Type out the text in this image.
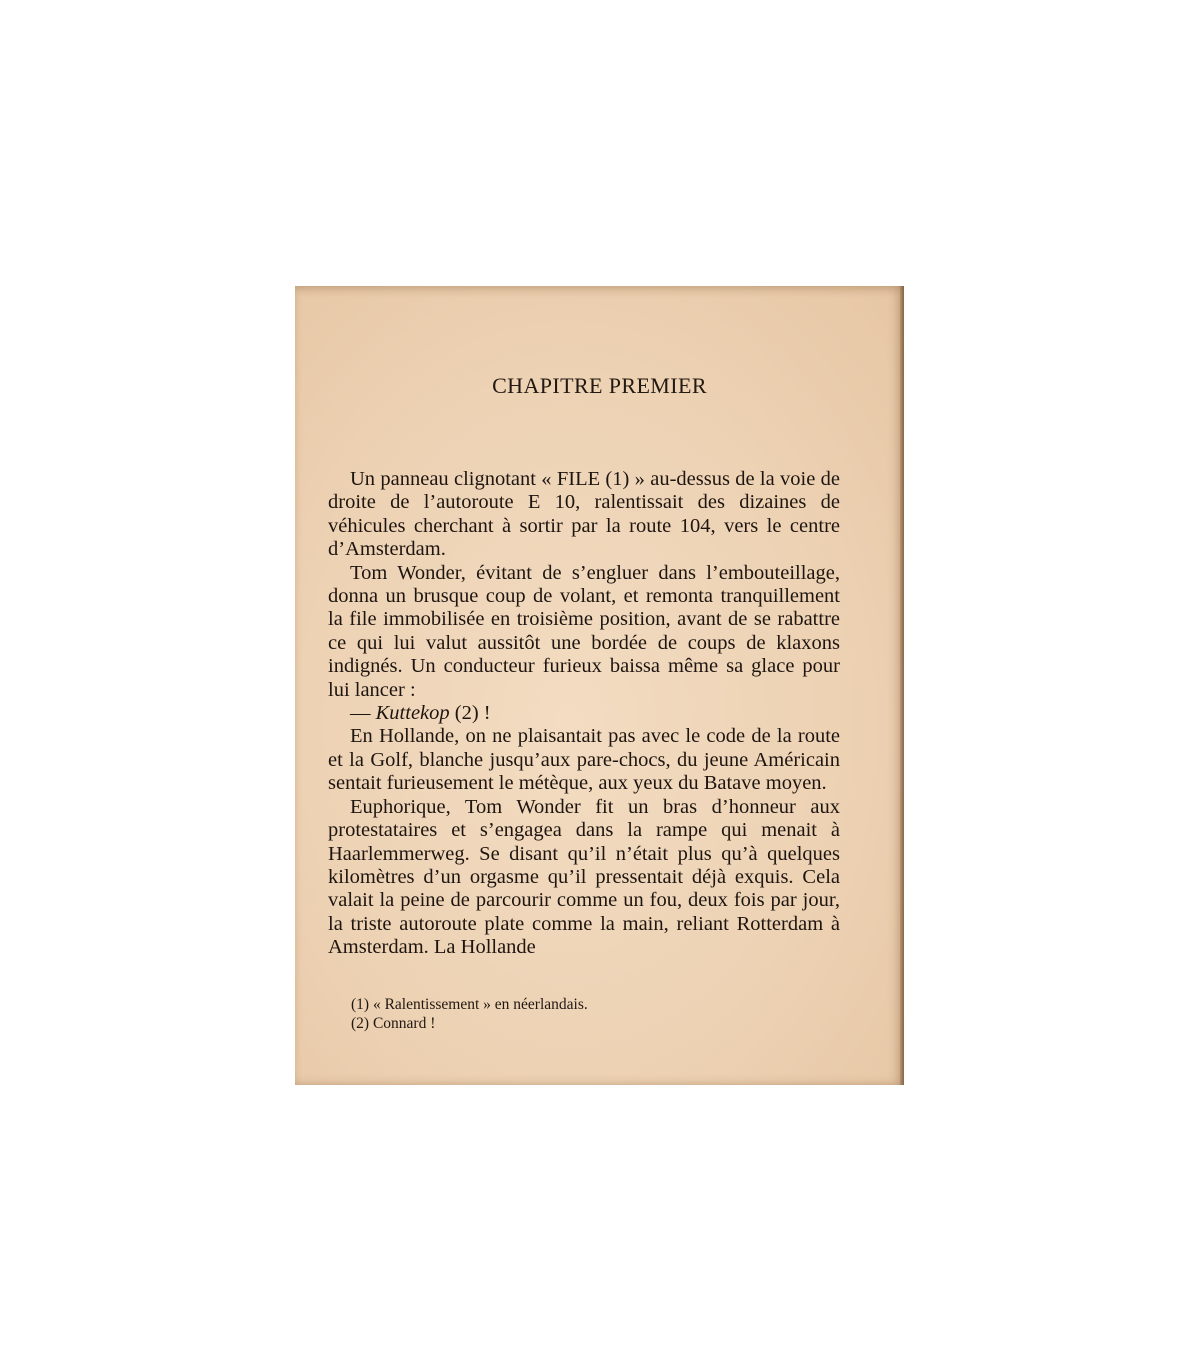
CHAPITRE PREMIER

Un panneau clignotant « FILE (1) » au-dessus de la voie de droite de l’autoroute E 10, ralentissait des dizaines de véhicules cherchant à sortir par la route 104, vers le centre d’Amsterdam.

Tom Wonder, évitant de s’engluer dans l’embouteillage, donna un brusque coup de volant, et remonta tranquillement la file immobilisée en troisième position, avant de se rabattre ce qui lui valut aussitôt une bordée de coups de klaxons indignés. Un conducteur furieux baissa même sa glace pour lui lancer :

— Kuttekop (2) !

En Hollande, on ne plaisantait pas avec le code de la route et la Golf, blanche jusqu’aux pare-chocs, du jeune Américain sentait furieusement le métèque, aux yeux du Batave moyen.

Euphorique, Tom Wonder fit un bras d’honneur aux protestataires et s’engagea dans la rampe qui menait à Haarlemmerweg. Se disant qu’il n’était plus qu’à quelques kilomètres d’un orgasme qu’il pressentait déjà exquis. Cela valait la peine de parcourir comme un fou, deux fois par jour, la triste autoroute plate comme la main, reliant Rotterdam à Amsterdam. La Hollande

(1) « Ralentissement » en néerlandais.

(2) Connard !
